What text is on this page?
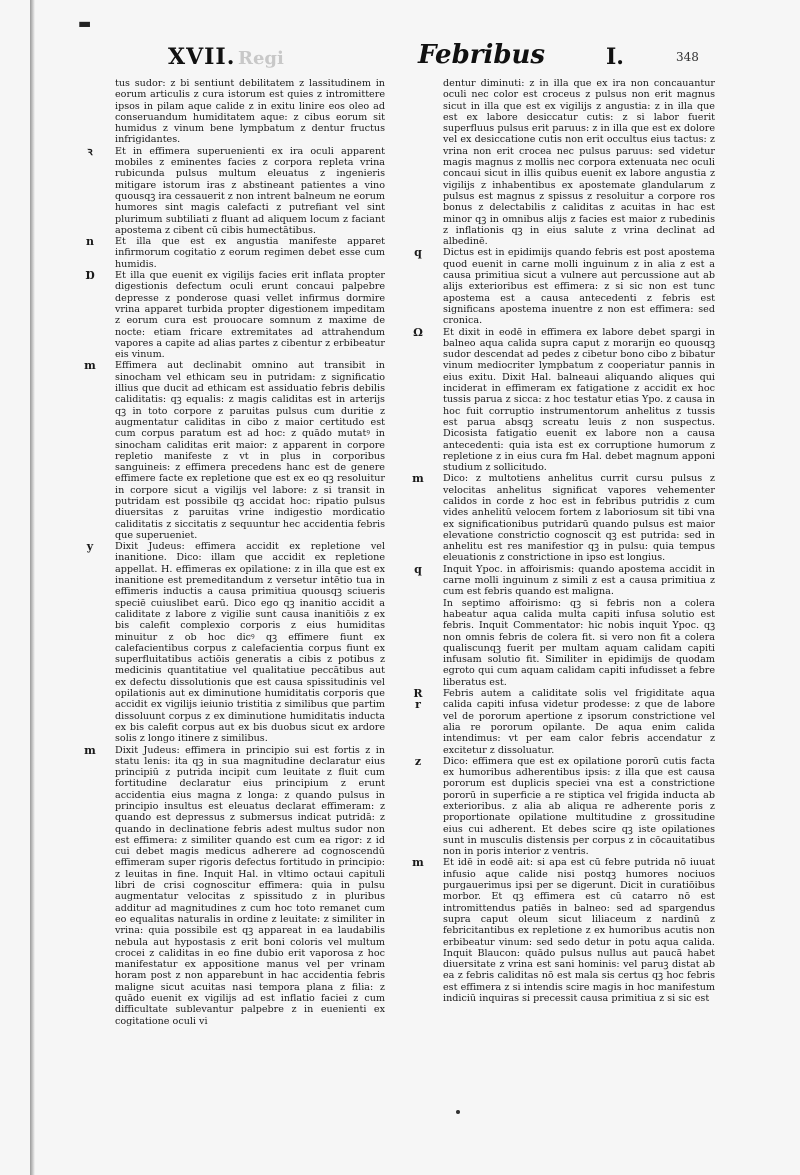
▬
XVII. Regi	Febribus	I.	348

tus sudor: z bi sentiunt debilitatem z lassitudinem in eorum articulis z cura istorum est quies z intromittere ipsos in pilam aque calide z in exitu linire eos oleo ad conseruandum humiditatem aque: z cibus eorum sit humidus z vinum bene lympbatum z dentur fructus infrigidantes.

ꝛ	Et in effimera superuenienti ex ira oculi apparent mobiles z eminentes facies z corpora repleta vrina rubicunda pulsus multum eleuatus z ingenieris mitigare istorum iras z abstineant patientes a vino quousqꝫ ira cessauerit z non intrent balneum ne eorum humores sint magis calefacti z putrefiant vel sint plurimum subtiliati z fluant ad aliquem locum z faciant apostema z cibent cū cibis humectātibus.

n	Et illa que est ex angustia manifeste apparet infirmorum cogitatio z eorum regimen debet esse cum humidis.

Ɒ	Et illa que euenit ex vigilijs facies erit inflata propter digestionis defectum oculi erunt concaui palpebre depresse z ponderose quasi vellet infirmus dormire vrina apparet turbida propter digestionem impeditam z eorum cura est prouocare somnum z maxime de nocte: etiam fricare extremitates ad attrahendum vapores a capite ad alias partes z cibentur z erbibeatur eis vinum.

m	Effimera aut declinabit omnino aut transibit in sinocham vel ethicam seu in putridam: z significatio illius que ducit ad ethicam est assiduatio febris debilis caliditatis: qꝫ equalis: z magis caliditas est in arterijs qꝫ in toto corpore z paruitas pulsus cum duritie z augmentatur caliditas in cibo z maior certitudo est cum corpus paratum est ad hoc: z quādo mutatꝰ in sinocham caliditas erit maior: z apparent in corpore repletio manifeste z vt in plus in corporibus sanguineis: z effimera precedens hanc est de genere effimere facte ex repletione que est ex eo qꝫ resoluitur in corpore sicut a vigilijs vel labore: z si transit in putridam est possibile qꝫ accidat hoc: ripatio pulsus diuersitas z paruitas vrine indigestio mordicatio caliditatis z siccitatis z sequuntur hec accidentia febris que superueniet.

y	Dixit Judeus: effimera accidit ex repletione vel inanitione. Dico: illam que accidit ex repletione appellat. H. effimeras ex opilatione: z in illa que est ex inanitione est premeditandum z versetur intētio tua in effimeris inductis a causa primitiua quousqꝫ sciueris speciē cuiuslibet earū. Dico ego qꝫ inanitio accidit a caliditate z labore z vigilie sunt causa inanitiōis z ex bis calefit complexio corporis z eius humiditas minuitur z ob hoc dicꝰ qꝫ effimere fiunt ex calefacientibus corpus z calefacientia corpus fiunt ex superfluitatibus actiōis generatis a cibis z potibus z medicinis quantitatiue vel qualitatiue peccātibus aut ex defectu dissolutionis que est causa spissitudinis vel opilationis aut ex diminutione humiditatis corporis que accidit ex vigilijs ieiunio tristitia z similibus que partim dissoluunt corpus z ex diminutione humiditatis inducta ex bis calefit corpus aut ex bis duobus sicut ex ardore solis z longo itinere z similibus.

m	Dixit Judeus: effimera in principio sui est fortis z in statu lenis: ita qꝫ in sua magnitudine declaratur eius principiū z putrida incipit cum leuitate z fluit cum fortitudine declaratur eius principium z erunt accidentia eius magna z longa: z quando pulsus in principio insultus est eleuatus declarat effimeram: z quando est depressus z submersus indicat putridā: z quando in declinatione febris adest multus sudor non est effimera: z similiter quando est cum ea rigor: z id cui debet magis medicus adherere ad cognoscendū effimeram super rigoris defectus fortitudo in principio: z leuitas in fine. Inquit Hal. in vltimo octaui capituli libri de crisi cognoscitur effimera: quia in pulsu augmentatur velocitas z spissitudo z in pluribus additur ad magnitudines z cum hoc toto remanet cum eo equalitas naturalis in ordine z leuitate: z similiter in vrina: quia possibile est qꝫ appareat in ea laudabilis nebula aut hypostasis z erit boni coloris vel multum crocei z caliditas in eo fine dubio erit vaporosa z hoc manifestatur ex appositione manus vel per vrinam horam post z non apparebunt in hac accidentia febris maligne sicut acuitas nasi tempora plana z filia: z quādo euenit ex vigilijs ad est inflatio faciei z cum difficultate sublevantur palpebre z in euenienti ex cogitatione oculi vi

dentur diminuti: z in illa que ex ira non concauantur oculi nec color est croceus z pulsus non erit magnus sicut in illa que est ex vigilijs z angustia: z in illa que est ex labore desiccatur cutis: z si labor fuerit superfluus pulsus erit paruus: z in illa que est ex dolore vel ex desiccatione cutis non erit occultus eius tactus: z vrina non erit crocea nec pulsus paruus: sed videtur magis magnus z mollis nec corpora extenuata nec oculi concaui sicut in illis quibus euenit ex labore angustia z vigilijs z inhabentibus ex apostemate glandularum z pulsus est magnus z spissus z resoluitur a corpore ros bonus z delectabilis z caliditas z acuitas in hac est minor qꝫ in omnibus alijs z facies est maior z rubedinis z inflationis qꝫ in eius salute z vrina declinat ad albedinē.

q	Dictus est in epidimijs quando febris est post apostema quod euenit in carne molli inguinum z in alia z est a causa primitiua sicut a vulnere aut percussione aut ab alijs exterioribus est effimera: z si sic non est tunc apostema est a causa antecedenti z febris est significans apostema inuentre z non est effimera: sed cronica.

Ω	Et dixit in eodē in effimera ex labore debet spargi in balneo aqua calida supra caput z morarijn eo quousqꝫ sudor descendat ad pedes z cibetur bono cibo z bibatur vinum mediocriter lympbatum z cooperiatur pannis in eius exitu. Dixit Hal. balneaui aliquando aliques qui inciderat in effimeram ex fatigatione z accidit ex hoc tussis parua z sicca: z hoc testatur etias Ypo. z causa in hoc fuit corruptio instrumentorum anhelitus z tussis est parua absqꝫ screatu leuis z non suspectus. Dicosista fatigatio euenit ex labore non a causa antecedenti: quia ista est ex corruptione humorum z repletione z in eius cura fm Hal. debet magnum apponi studium z sollicitudo.

m	Dico: z multotiens anhelitus currit cursu pulsus z velocitas anhelitus significat vapores vehementer calidos in corde z hoc est in febribus putridis z cum vides anhelitū velocem fortem z laboriosum sit tibi vna ex significationibus putridarū quando pulsus est maior elevatione constrictio cognoscit qꝫ est putrida: sed in anhelitu est res manifestior qꝫ in pulsu: quia tempus eleuationis z constrictione in ipso est longius.

q	Inquit Ypoc. in affoirismis: quando apostema accidit in carne molli inguinum z simili z est a causa primitiua z cum est febris quando est maligna.

In septimo affoirismo: qꝫ si febris non a colera habeatur aqua calida multa capiti infusa solutio est febris. Inquit Commentator: hic nobis inquit Ypoc. qꝫ non omnis febris de colera fit. si vero non fit a colera qualiscunqꝫ fuerit per multam aquam calidam capiti infusam solutio fit. Similiter in epidimijs de quodam egroto qui cum aquam calidam capiti infudisset a febre liberatus est.

R r
Febris autem a caliditate solis vel frigiditate aqua calida capiti infusa videtur prodesse: z que de labore vel de pororum apertione z ipsorum constrictione vel alia re pororum opilante. De aqua enim calida intendimus: vt per eam calor febris accendatur z excitetur z dissoluatur.

z	Dico: effimera que est ex opilatione pororū cutis facta ex humoribus adherentibus ipsis: z illa que est causa pororum est duplicis speciei vna est a constrictione pororū in superficie a re stiptica vel frigida inducta ab exterioribus. z alia ab aliqua re adherente poris z proportionate opilatione multitudine z grossitudine eius cui adherent. Et debes scire qꝫ iste opilationes sunt in musculis distensis per corpus z in cōcauitatibus non in poris interior z ventris.

m	Et idē in eodē ait: si apa est cū febre putrida nō iuuat infusio aque calide nisi postqꝫ humores nociuos purgauerimus ipsi per se digerunt. Dicit in curatiōibus morbor. Et qꝫ effimera est cū catarro nō est intromittendus patiēs in balneo: sed ad spargendus supra caput oleum sicut liliaceum z nardinū z febricitantibus ex repletione z ex humoribus acutis non erbibeatur vinum: sed sedo detur in potu aqua calida. Inquit Blaucon: quādo pulsus nullus aut paucā habet diuersitate z vrina est sani hominis: vel paruꝫ distat ab ea z febris caliditas nō est mala sis certus qꝫ hoc febris est effimera z si intendis scire magis in hoc manifestum indiciū inquiras si precessit causa primitiua z si sic est
